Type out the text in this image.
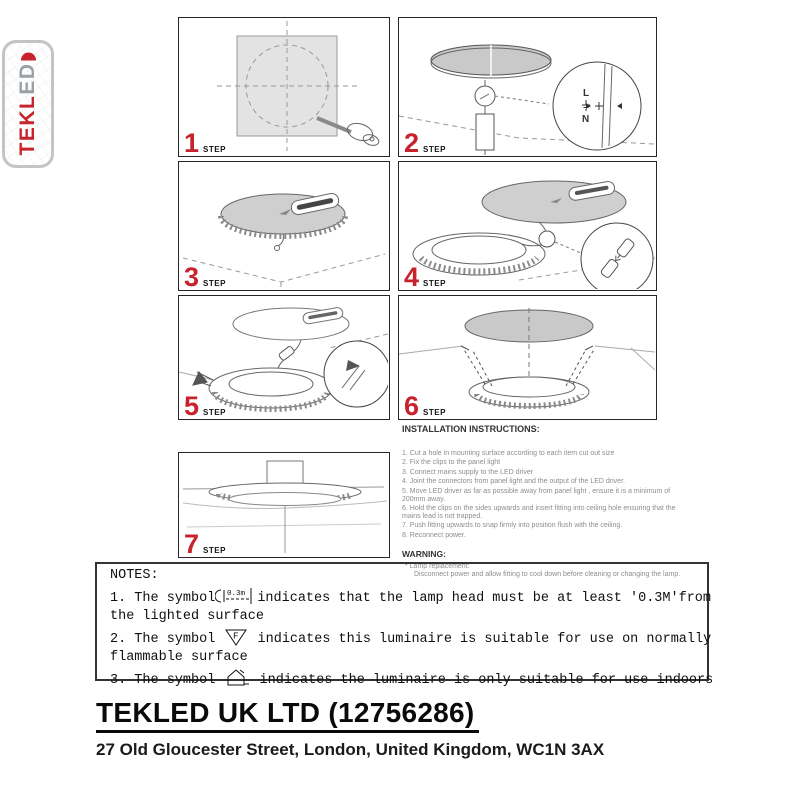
TEKL
ED
1 STEP
L
N
2 STEP
3 STEP	4 STEP
5 STEP	6 STEP
7 STEP
INSTALLATION INSTRUCTIONS:
1. Cut a hole in mounting surface according to each item cut out size
2. Fix the clips to the panel light
3. Connect mains supply to the LED driver
4. Joint the connectors from panel light and the output of the LED driver.
5. Move LED driver as far as possible away from panel light , ensure it is a minimum of 200mm away.
6. Hold the clips on the sides upwards and insert fitting into ceiling hole ensuring that the mains lead is not trapped.
7. Push fitting upwards to snap firmly into position flush with the ceiling.
8. Reconnect power.
WARNING:
* Lamp replacement:
Disconnect power and allow fitting to cool down before cleaning or changing the lamp.
NOTES:
1. The symbol 0.3m indicates that the lamp head must be at least '0.3M'from
the lighted surface
2. The symbol F indicates this luminaire is suitable for use on normally
flammable surface
3. The symbol  indicates the luminaire is only suitable for use indoors
TEKLED UK LTD (12756286)
27 Old Gloucester Street, London, United Kingdom, WC1N 3AX
